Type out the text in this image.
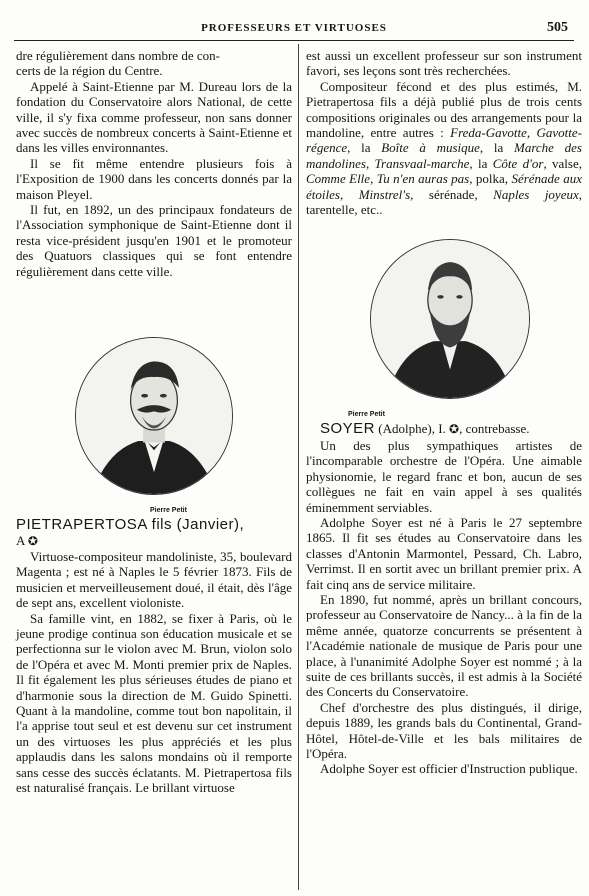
PROFESSEURS ET VIRTUOSES	505

dre régulièrement dans nombre de con-

certs de la région du Centre.

Appelé à Saint-Etienne par M. Dureau lors de la fondation du Conservatoire alors National, de cette ville, il s'y fixa comme professeur, non sans donner avec succès de nombreux concerts à Saint-Etienne et dans les villes environnantes.

Il se fit même entendre plusieurs fois à l'Exposition de 1900 dans les concerts donnés par la maison Pleyel.

Il fut, en 1892, un des principaux fondateurs de l'Association symphonique de Saint-Etienne dont il resta vice-président jusqu'en 1901 et le promoteur des Quatuors classiques qui se font entendre régulièrement dans cette ville.

Pierre Petit
PIETRAPERTOSA fils (Janvier),
A ✪

Virtuose-compositeur mandoliniste, 35, boulevard Magenta ; est né à Naples le 5 février 1873. Fils de musicien et merveilleusement doué, il était, dès l'âge de sept ans, excellent violoniste.

Sa famille vint, en 1882, se fixer à Paris, où le jeune prodige continua son éducation musicale et se perfectionna sur le violon avec M. Brun, violon solo de l'Opéra et avec M. Monti premier prix de Naples. Il fit également les plus sérieuses études de piano et d'harmonie sous la direction de M. Guido Spinetti. Quant à la mandoline, comme tout bon napolitain, il l'a apprise tout seul et est devenu sur cet instrument un des virtuoses les plus appréciés et les plus applaudis dans les salons mondains où il remporte sans cesse des succès éclatants. M. Pietrapertosa fils est naturalisé français. Le brillant virtuose

est aussi un excellent professeur sur son instrument favori, ses leçons sont très recherchées.

Compositeur fécond et des plus estimés, M. Pietrapertosa fils a déjà publié plus de trois cents compositions originales ou des arrangements pour la mandoline, entre autres : Freda-Gavotte, Gavotte-régence, la Boîte à musique, la Marche des mandolines, Transvaal-marche, la Côte d'or, valse, Comme Elle, Tu n'en auras pas, polka, Sérénade aux étoiles, Minstrel's, sérénade, Naples joyeux, tarentelle, etc..

Pierre Petit

SOYER (Adolphe), I. ✪, contrebasse.

Un des plus sympathiques artistes de l'incomparable orchestre de l'Opéra. Une aimable physionomie, le regard franc et bon, aucun de ses collègues ne fait en vain appel à ses qualités éminemment serviables.

Adolphe Soyer est né à Paris le 27 septembre 1865. Il fit ses études au Conservatoire dans les classes d'Antonin Marmontel, Pessard, Ch. Labro, Verrimst. Il en sortit avec un brillant premier prix. A fait cinq ans de service militaire.

En 1890, fut nommé, après un brillant concours, professeur au Conservatoire de Nancy... à la fin de la même année, quatorze concurrents se présentent à l'Académie nationale de musique de Paris pour une place, à l'unanimité Adolphe Soyer est nommé ; à la suite de ces brillants succès, il est admis à la Société des Concerts du Conservatoire.

Chef d'orchestre des plus distingués, il dirige, depuis 1889, les grands bals du Continental, Grand-Hôtel, Hôtel-de-Ville et les bals militaires de l'Opéra.

Adolphe Soyer est officier d'Instruction publique.
